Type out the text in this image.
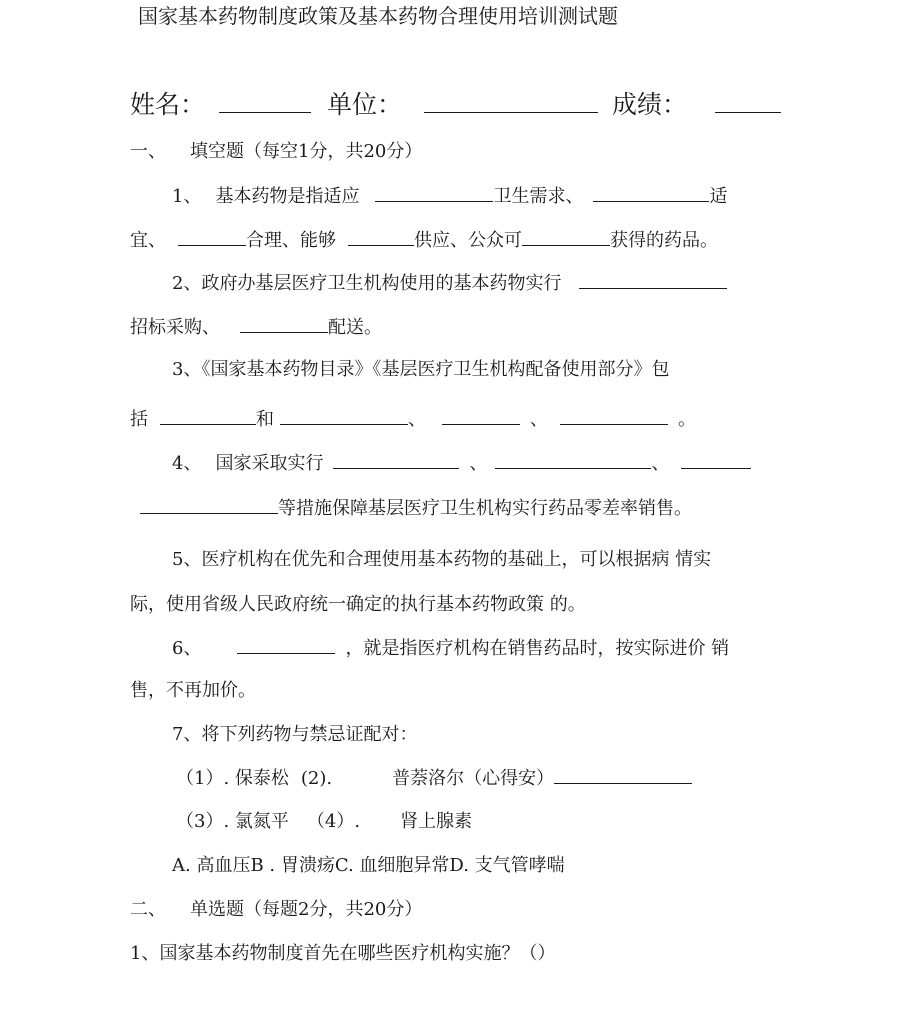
国家基本药物制度政策及基本药物合理使用培训测试题
姓名：	单位：	成绩：
一、 填空题（每空1分，共20分）
1、 基本药物是指适应	卫生需求、	适
宜、	合理、能够	供应、公众可	获得的药品。
2、政府办基层医疗卫生机构使用的基本药物实行
招标采购、	配送。
3、《国家基本药物目录》《基层医疗卫生机构配备使用部分》包
括	和	、	、	。
4、 国家采取实行	、	、
等措施保障基层医疗卫生机构实行药品零差率销售。
5、医疗机构在优先和合理使用基本药物的基础上，可以根据病 情实
际，使用省级人民政府统一确定的执行基本药物政策 的。
6、	，就是指医疗机构在销售药品时，按实际进价 销
售，不再加价。
7、将下列药物与禁忌证配对：
（1）. 保泰松 (2).	普萘洛尔（心得安）
（3）. 氯氮平 （4）. 肾上腺素
A. 高血压B . 胃溃疡C. 血细胞异常D. 支气管哮喘
二、 单选题（每题2分，共20分）
1、国家基本药物制度首先在哪些医疗机构实施？（）
